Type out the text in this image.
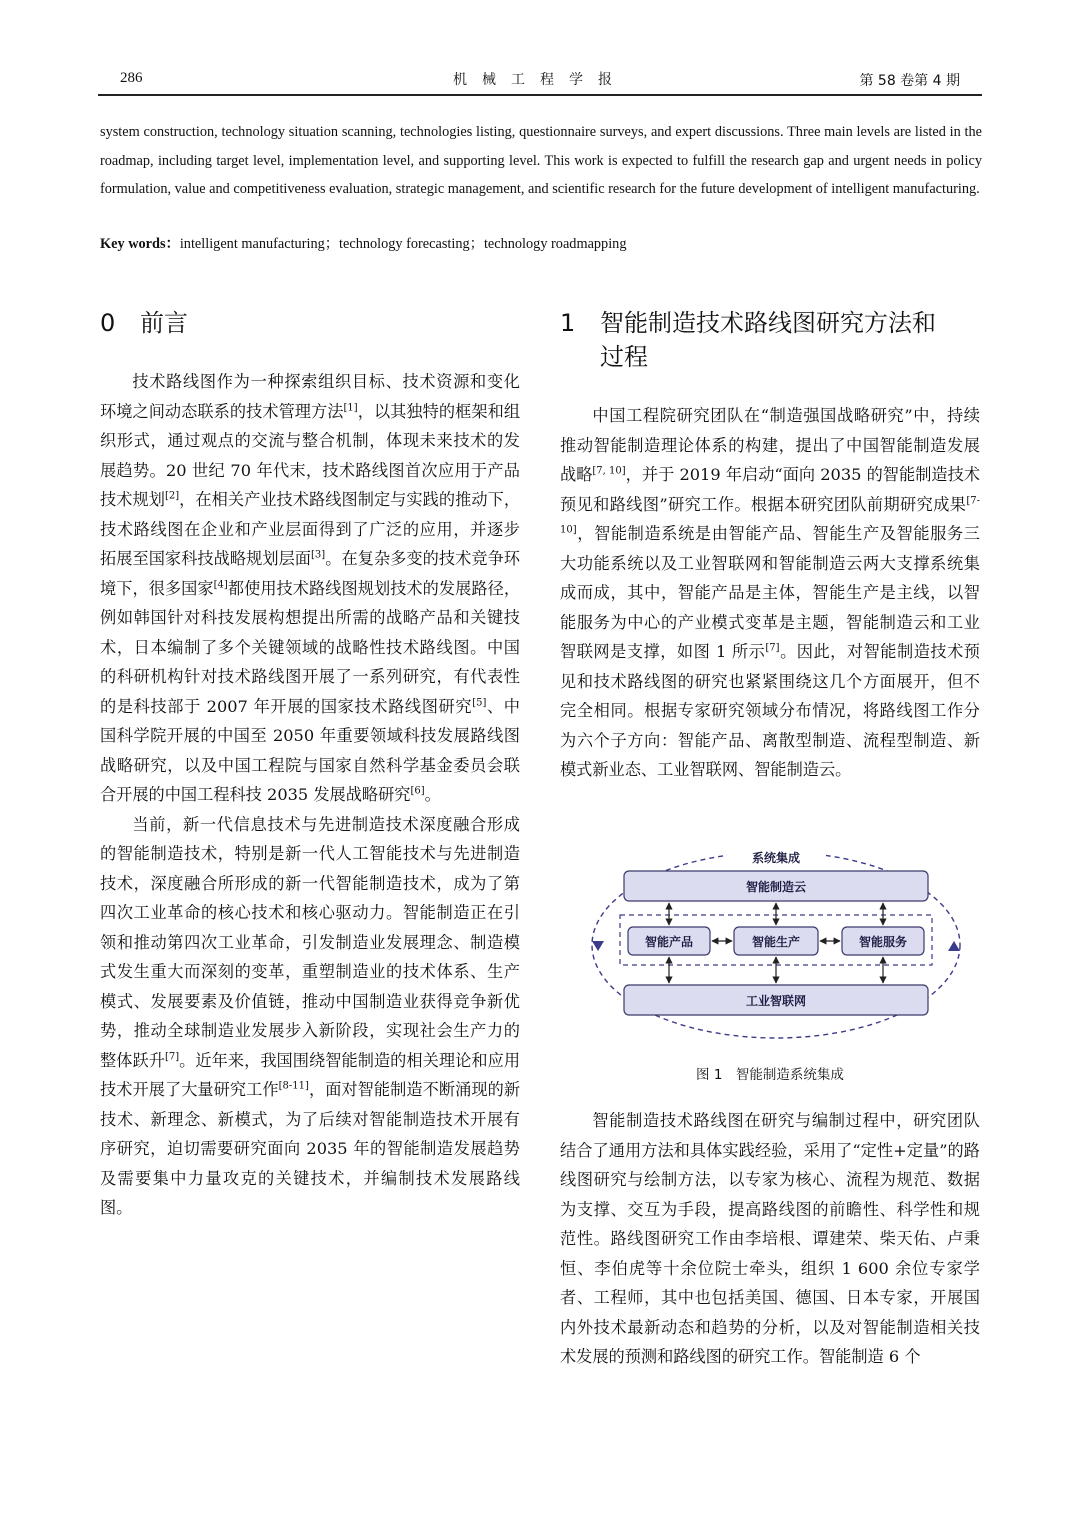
286	机械工程学报	第 58 卷第 4 期

system construction, technology situation scanning, technologies listing, questionnaire surveys, and expert discussions. Three main levels are listed in the roadmap, including target level, implementation level, and supporting level. This work is expected to fulfill the research gap and urgent needs in policy formulation, value and competitiveness evaluation, strategic management, and scientific research for the future development of intelligent manufacturing.

Key words：intelligent manufacturing；technology forecasting；technology roadmapping
0 前言	1 智能制造技术路线图研究方法和
过程

技术路线图作为一种探索组织目标、技术资源和变化环境之间动态联系的技术管理方法[1]，以其独特的框架和组织形式，通过观点的交流与整合机制，体现未来技术的发展趋势。20 世纪 70 年代末，技术路线图首次应用于产品技术规划[2]，在相关产业技术路线图制定与实践的推动下，技术路线图在企业和产业层面得到了广泛的应用，并逐步拓展至国家科技战略规划层面[3]。在复杂多变的技术竞争环境下，很多国家[4]都使用技术路线图规划技术的发展路径，例如韩国针对科技发展构想提出所需的战略产品和关键技术，日本编制了多个关键领域的战略性技术路线图。中国的科研机构针对技术路线图开展了一系列研究，有代表性的是科技部于 2007 年开展的国家技术路线图研究[5]、中国科学院开展的中国至 2050 年重要领域科技发展路线图战略研究，以及中国工程院与国家自然科学基金委员会联合开展的中国工程科技 2035 发展战略研究[6]。

当前，新一代信息技术与先进制造技术深度融合形成的智能制造技术，特别是新一代人工智能技术与先进制造技术，深度融合所形成的新一代智能制造技术，成为了第四次工业革命的核心技术和核心驱动力。智能制造正在引领和推动第四次工业革命，引发制造业发展理念、制造模式发生重大而深刻的变革，重塑制造业的技术体系、生产模式、发展要素及价值链，推动中国制造业获得竞争新优势，推动全球制造业发展步入新阶段，实现社会生产力的整体跃升[7]。近年来，我国围绕智能制造的相关理论和应用技术开展了大量研究工作[8-11]，面对智能制造不断涌现的新技术、新理念、新模式，为了后续对智能制造技术开展有序研究，迫切需要研究面向 2035 年的智能制造发展趋势及需要集中力量攻克的关键技术，并编制技术发展路线图。

中国工程院研究团队在“制造强国战略研究”中，持续推动智能制造理论体系的构建，提出了中国智能制造发展战略[7, 10]，并于 2019 年启动“面向 2035 的智能制造技术预见和路线图”研究工作。根据本研究团队前期研究成果[7-10]，智能制造系统是由智能产品、智能生产及智能服务三大功能系统以及工业智联网和智能制造云两大支撑系统集成而成，其中，智能产品是主体，智能生产是主线，以智能服务为中心的产业模式变革是主题，智能制造云和工业智联网是支撑，如图 1 所示[7]。因此，对智能制造技术预见和技术路线图的研究也紧紧围绕这几个方面展开，但不完全相同。根据专家研究领域分布情况，将路线图工作分为六个子方向：智能产品、离散型制造、流程型制造、新模式新业态、工业智联网、智能制造云。

系统集成
智能制造云
智能产品	智能生产	智能服务
工业智联网
图 1　智能制造系统集成

智能制造技术路线图在研究与编制过程中，研究团队结合了通用方法和具体实践经验，采用了“定性+定量”的路线图研究与绘制方法，以专家为核心、流程为规范、数据为支撑、交互为手段，提高路线图的前瞻性、科学性和规范性。路线图研究工作由李培根、谭建荣、柴天佑、卢秉恒、李伯虎等十余位院士牵头，组织 1 600 余位专家学者、工程师，其中也包括美国、德国、日本专家，开展国内外技术最新动态和趋势的分析，以及对智能制造相关技术发展的预测和路线图的研究工作。智能制造 6 个
